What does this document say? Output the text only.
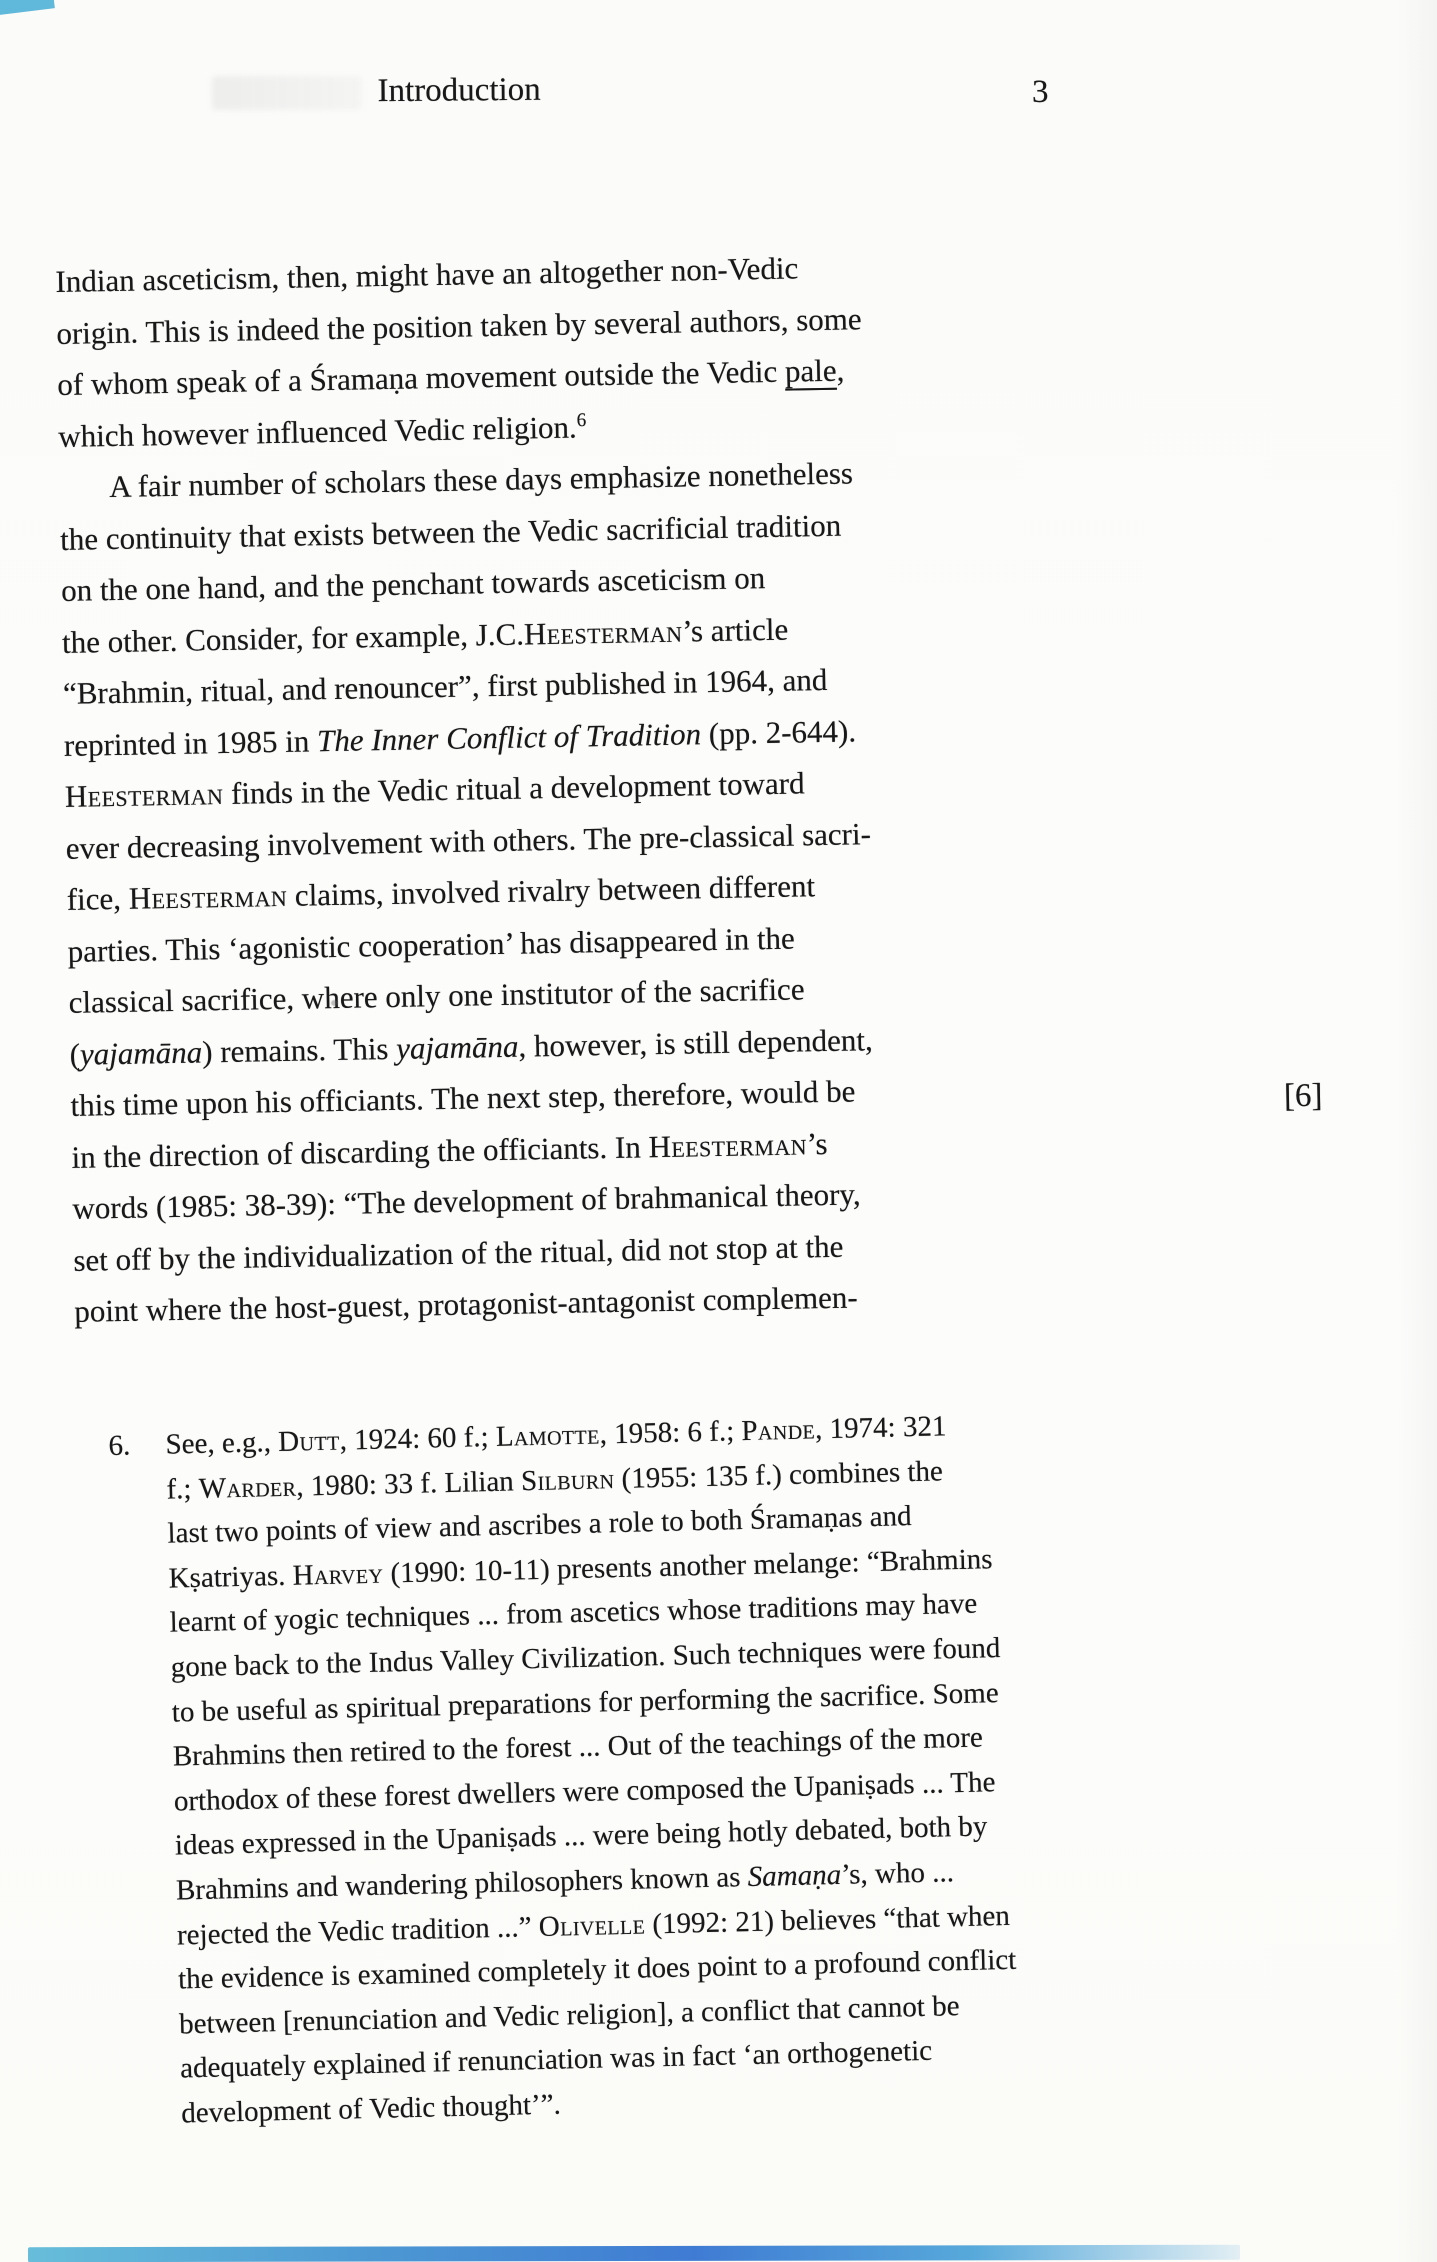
Introduction	3
Indian asceticism, then, might have an altogether non-Vedic
origin. This is indeed the position taken by several authors, some
of whom speak of a Śramaṇa movement outside the Vedic pale,
which however influenced Vedic religion.$^6$
A fair number of scholars these days emphasize nonetheless
the continuity that exists between the Vedic sacrificial tradition
on the one hand, and the penchant towards asceticism on
the other. Consider, for example, J.C.Heesterman’s article
“Brahmin, ritual, and renouncer”, first published in 1964, and
reprinted in 1985 in The Inner Conflict of Tradition (pp. 2-644).
Heesterman finds in the Vedic ritual a development toward
ever decreasing involvement with others. The pre-classical sacri-
fice, Heesterman claims, involved rivalry between different
parties. This ‘agonistic cooperation’ has disappeared in the
classical sacrifice, where only one institutor of the sacrifice
(yajamāna) remains. This yajamāna, however, is still dependent,
this time upon his officiants. The next step, therefore, would be
in the direction of discarding the officiants. In Heesterman’s
words (1985: 38-39): “The development of brahmanical theory,
set off by the individualization of the ritual, did not stop at the
point where the host-guest, protagonist-antagonist complemen-
[6]
6. See, e.g., Dutt, 1924: 60 f.; Lamotte, 1958: 6 f.; Pande, 1974: 321
f.; Warder, 1980: 33 f. Lilian Silburn (1955: 135 f.) combines the
last two points of view and ascribes a role to both Śramaṇas and
Kṣatriyas. Harvey (1990: 10-11) presents another melange: “Brahmins
learnt of yogic techniques ... from ascetics whose traditions may have
gone back to the Indus Valley Civilization. Such techniques were found
to be useful as spiritual preparations for performing the sacrifice. Some
Brahmins then retired to the forest ... Out of the teachings of the more
orthodox of these forest dwellers were composed the Upaniṣads ... The
ideas expressed in the Upaniṣads ... were being hotly debated, both by
Brahmins and wandering philosophers known as Samaṇa’s, who ...
rejected the Vedic tradition ...” Olivelle (1992: 21) believes “that when
the evidence is examined completely it does point to a profound conflict
between [renunciation and Vedic religion], a conflict that cannot be
adequately explained if renunciation was in fact ‘an orthogenetic
development of Vedic thought’”.
